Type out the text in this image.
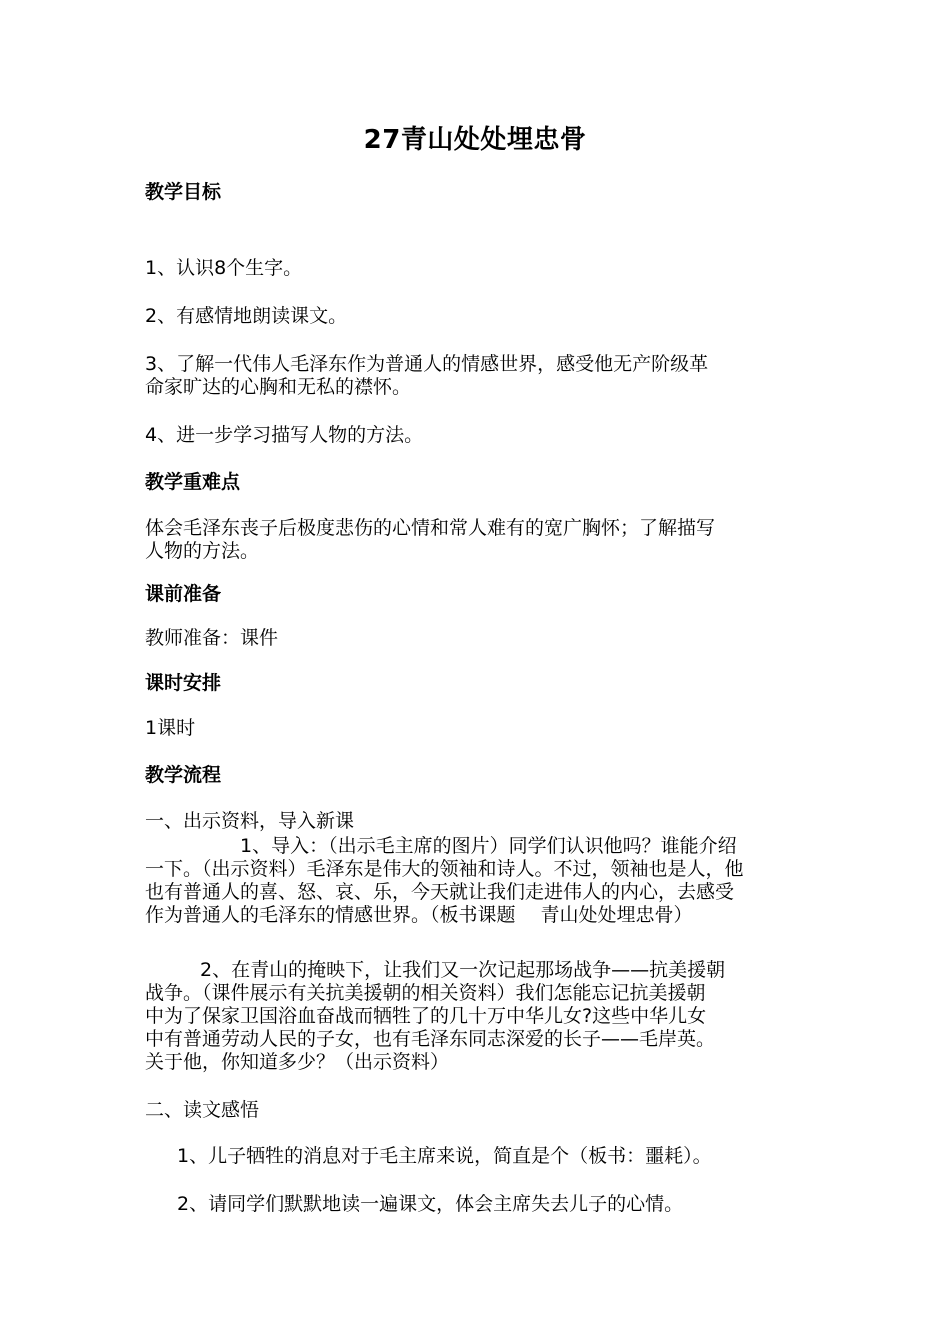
27青山处处埋忠骨
教学目标
1、认识8个生字。
2、有感情地朗读课文。
3、了解一代伟人毛泽东作为普通人的情感世界，感受他无产阶级革
命家旷达的心胸和无私的襟怀。
4、进一步学习描写人物的方法。
教学重难点
体会毛泽东丧子后极度悲伤的心情和常人难有的宽广胸怀；了解描写
人物的方法。
课前准备
教师准备：课件
课时安排
1课时
教学流程
一、出示资料，导入新课
1、导入：（出示毛主席的图片）同学们认识他吗？谁能介绍
一下。（出示资料）毛泽东是伟大的领袖和诗人。不过，领袖也是人，他
也有普通人的喜、怒、哀、乐，今天就让我们走进伟人的内心，去感受
作为普通人的毛泽东的情感世界。（板书课题　 青山处处埋忠骨）
2、在青山的掩映下，让我们又一次记起那场战争——抗美援朝
战争。（课件展示有关抗美援朝的相关资料）我们怎能忘记抗美援朝
中为了保家卫国浴血奋战而牺牲了的几十万中华儿女?这些中华儿女
中有普通劳动人民的子女，也有毛泽东同志深爱的长子——毛岸英。
关于他，你知道多少？（出示资料）
二、读文感悟
1、儿子牺牲的消息对于毛主席来说，简直是个（板书：噩耗）。
2、请同学们默默地读一遍课文，体会主席失去儿子的心情。
